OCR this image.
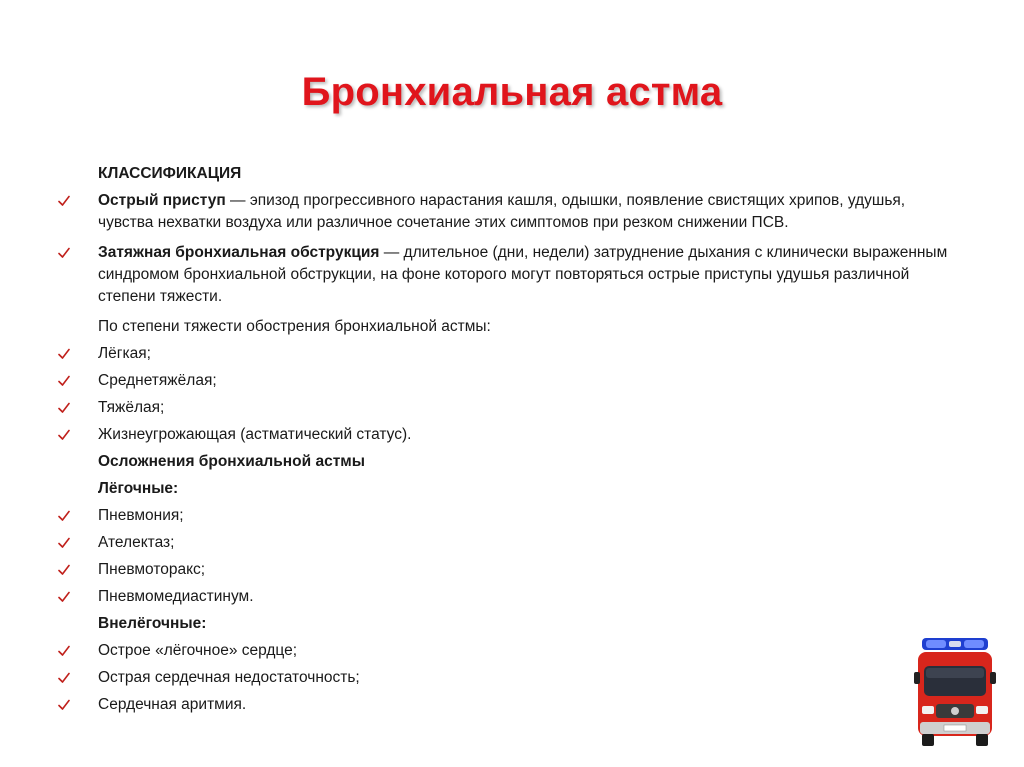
Бронхиальная астма
КЛАССИФИКАЦИЯ
Острый приступ — эпизод прогрессивного нарастания кашля, одышки, появление свистящих хрипов, удушья, чувства нехватки воздуха или различное сочетание этих симптомов при резком снижении ПСВ.
Затяжная бронхиальная обструкция — длительное (дни, недели) затруднение дыхания с клинически выраженным синдромом бронхиальной обструкции, на фоне которого могут повторяться острые приступы удушья различной степени тяжести.
По степени тяжести обострения бронхиальной астмы:
Лёгкая;
Среднетяжёлая;
Тяжёлая;
Жизнеугрожающая (астматический статус).
Осложнения бронхиальной астмы
Лёгочные:
Пневмония;
Ателектаз;
Пневмоторакс;
Пневмомедиастинум.
Внелёгочные:
Острое «лёгочное» сердце;
Острая сердечная недостаточность;
Сердечная аритмия.
